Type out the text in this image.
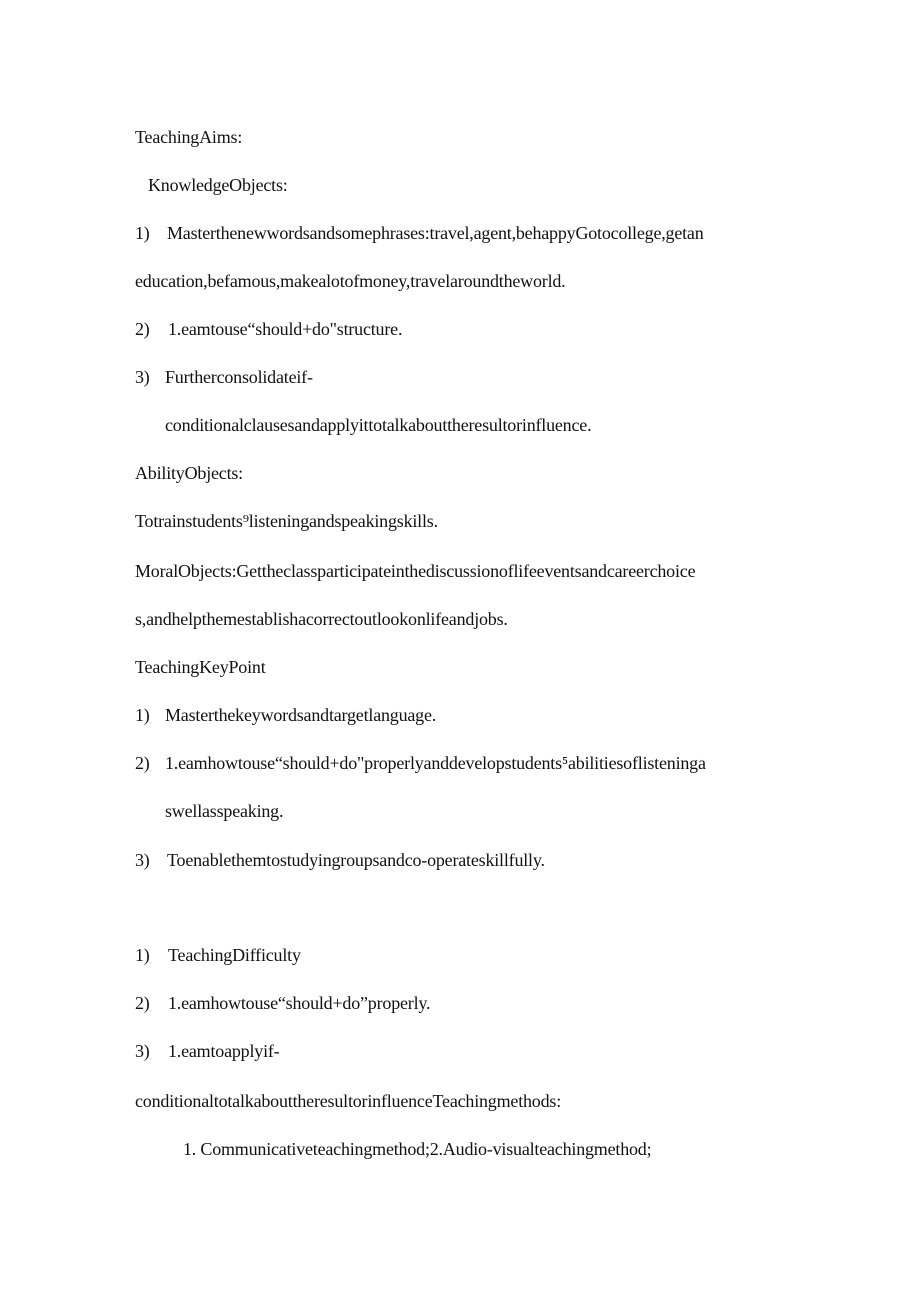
TeachingAims:
KnowledgeObjects:
1) Masterthenewwordsandsomephrases:travel,agent,behappyGotocollege,getan
education,befamous,makealotofmoney,travelaroundtheworld.
2) 1.eamtouse“should+do"structure.
3) Furtherconsolidateif-
conditionalclausesandapplyittotalkabouttheresultorinfluence.
AbilityObjects:
Totrainstudents⁹listeningandspeakingskills.
MoralObjects:Gettheclassparticipateinthediscussionoflifeeventsandcareerchoice
s,andhelpthemestablishacorrectoutlookonlifeandjobs.
TeachingKeyPoint
1) Masterthekeywordsandtargetlanguage.
2) 1.eamhowtouse“should+do"properlyanddevelopstudents⁵abilitiesoflisteninga
swellasspeaking.
3) Toenablethemtostudyingroupsandco-operateskillfully.
1) TeachingDifficulty
2) 1.eamhowtouse“should+do”properly.
3) 1.eamtoapplyif-
conditionaltotalkabouttheresultorinfluenceTeachingmethods:
1. Communicativeteachingmethod;2.Audio-visualteachingmethod;
